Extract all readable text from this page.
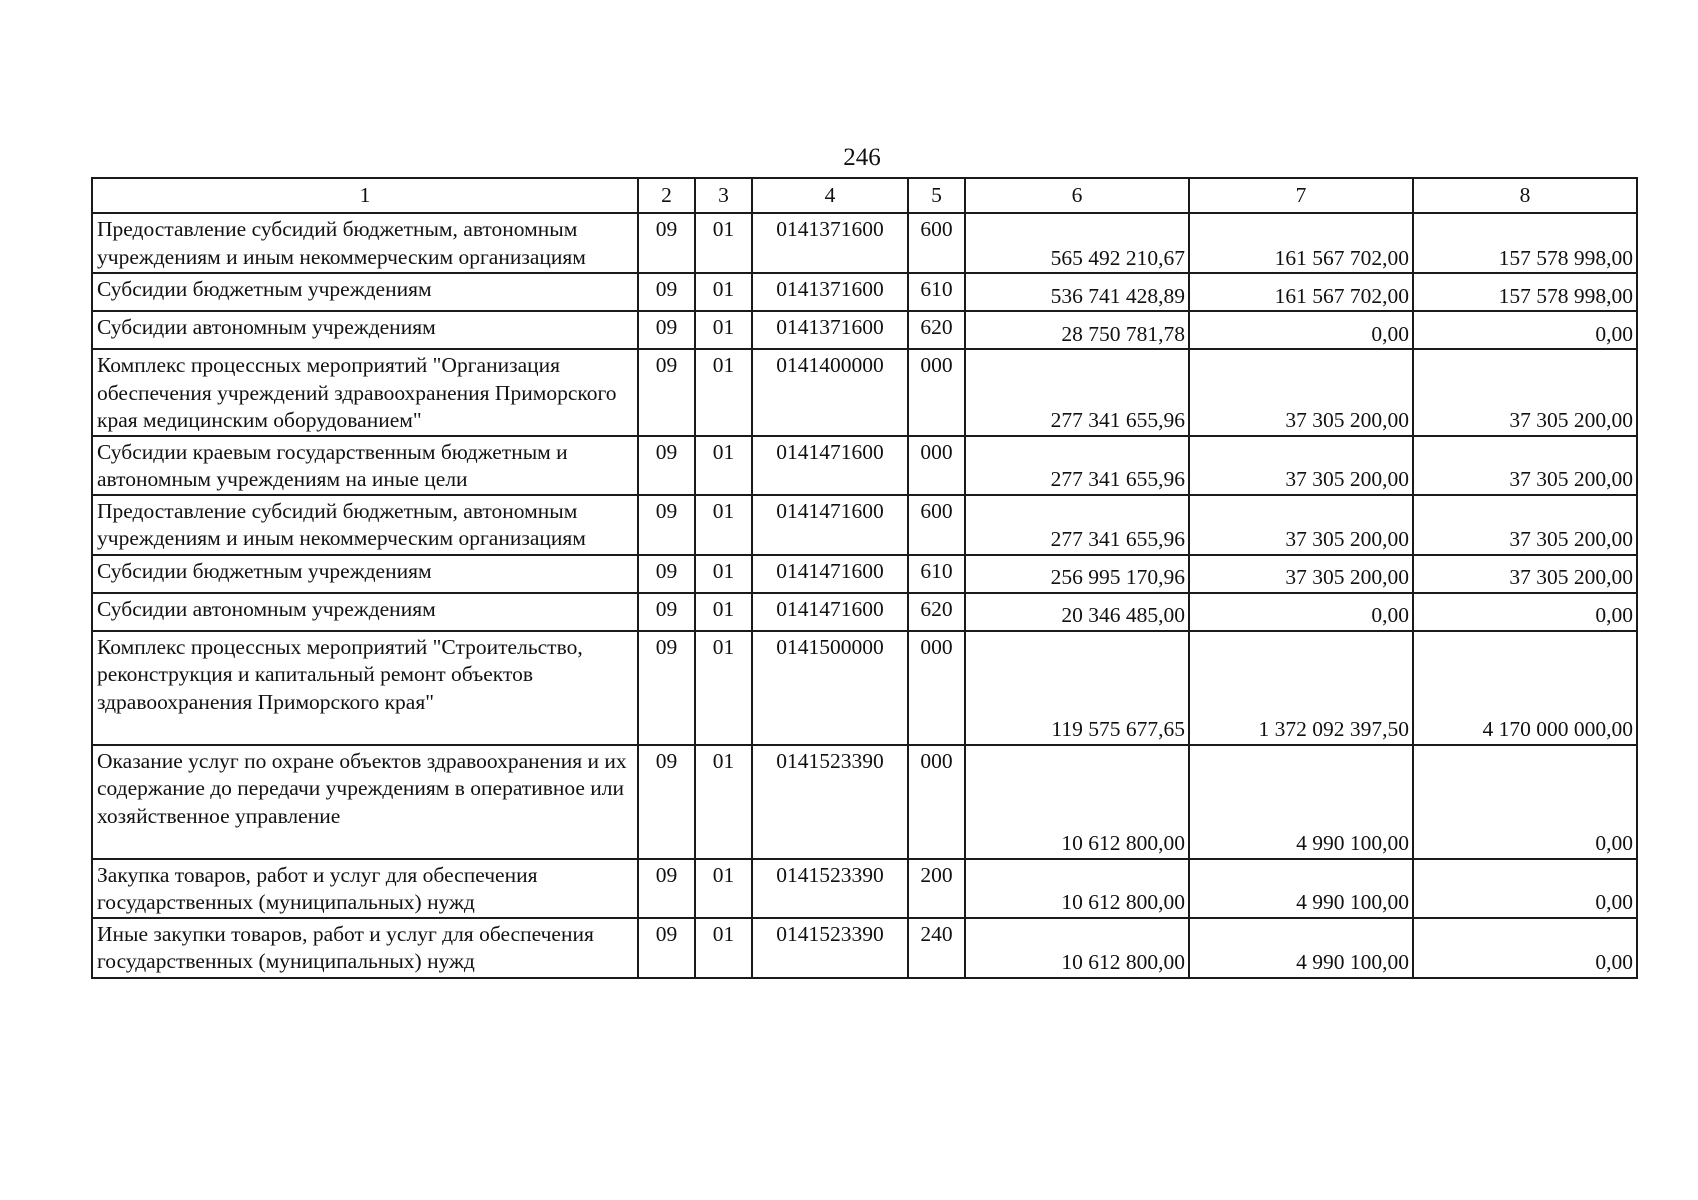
246
1	2	3	4	5	6	7	8
Предоставление субсидий бюджетным, автономным учреждениям и иным некоммерческим организациям	09	01	0141371600	600	565 492 210,67	161 567 702,00	157 578 998,00
Субсидии бюджетным учреждениям	09	01	0141371600	610	536 741 428,89	161 567 702,00	157 578 998,00
Субсидии автономным учреждениям	09	01	0141371600	620	28 750 781,78	0,00	0,00
Комплекс процессных мероприятий "Организация обеспечения учреждений здравоохранения Приморского края медицинским оборудованием"	09	01	0141400000	000	277 341 655,96	37 305 200,00	37 305 200,00
Субсидии краевым государственным бюджетным и автономным учреждениям на иные цели	09	01	0141471600	000	277 341 655,96	37 305 200,00	37 305 200,00
Предоставление субсидий бюджетным, автономным учреждениям и иным некоммерческим организациям	09	01	0141471600	600	277 341 655,96	37 305 200,00	37 305 200,00
Субсидии бюджетным учреждениям	09	01	0141471600	610	256 995 170,96	37 305 200,00	37 305 200,00
Субсидии автономным учреждениям	09	01	0141471600	620	20 346 485,00	0,00	0,00
Комплекс процессных мероприятий "Строительство, реконструкция и капитальный ремонт объектов здравоохранения Приморского края"	09	01	0141500000	000	119 575 677,65	1 372 092 397,50	4 170 000 000,00
Оказание услуг по охране объектов здравоохранения и их содержание до передачи учреждениям в оперативное или хозяйственное управление	09	01	0141523390	000	10 612 800,00	4 990 100,00	0,00
Закупка товаров, работ и услуг для обеспечения государственных (муниципальных) нужд	09	01	0141523390	200	10 612 800,00	4 990 100,00	0,00
Иные закупки товаров, работ и услуг для обеспечения государственных (муниципальных) нужд	09	01	0141523390	240	10 612 800,00	4 990 100,00	0,00
